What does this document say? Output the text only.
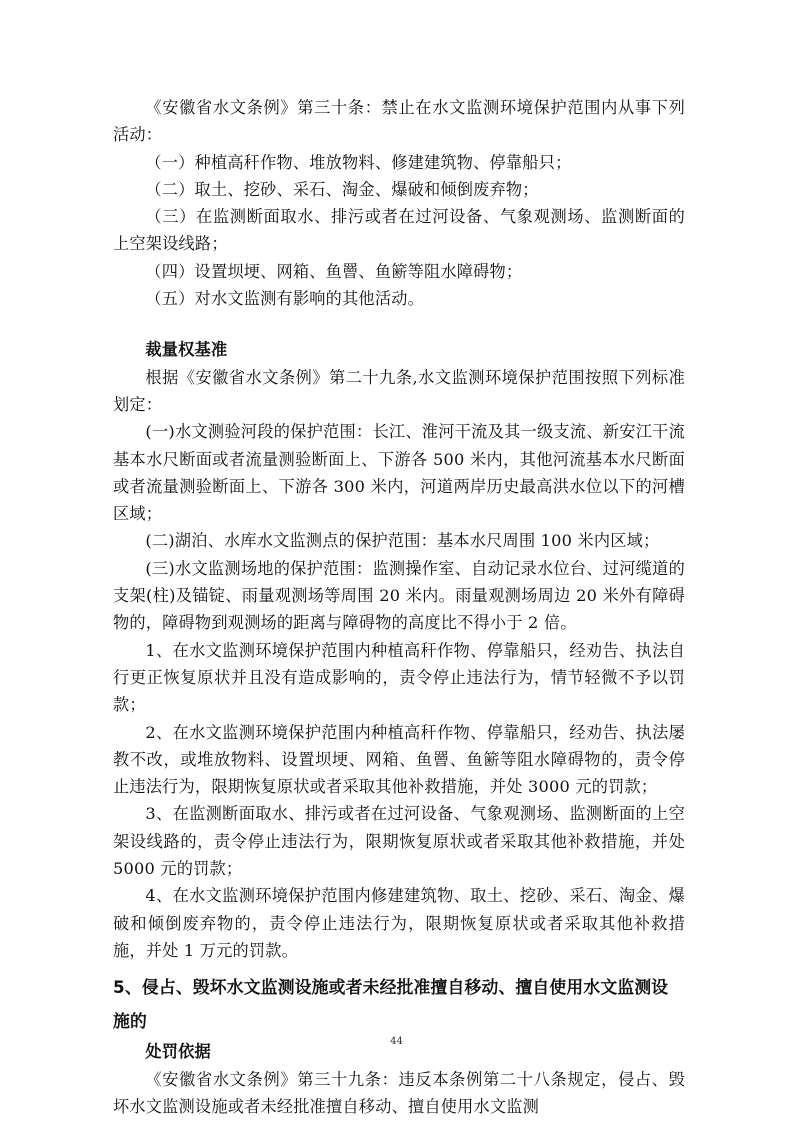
《安徽省水文条例》第三十条：禁止在水文监测环境保护范围内从事下列活动：

（一）种植高秆作物、堆放物料、修建建筑物、停靠船只；

（二）取土、挖砂、采石、淘金、爆破和倾倒废弃物；

（三）在监测断面取水、排污或者在过河设备、气象观测场、监测断面的上空架设线路；

（四）设置坝埂、网箱、鱼罾、鱼簖等阻水障碍物；

（五）对水文监测有影响的其他活动。

裁量权基准

根据《安徽省水文条例》第二十九条,水文监测环境保护范围按照下列标准划定：

(一)水文测验河段的保护范围：长江、淮河干流及其一级支流、新安江干流基本水尺断面或者流量测验断面上、下游各 500 米内，其他河流基本水尺断面或者流量测验断面上、下游各 300 米内，河道两岸历史最高洪水位以下的河槽区域；

(二)湖泊、水库水文监测点的保护范围：基本水尺周围 100 米内区域；

(三)水文监测场地的保护范围：监测操作室、自动记录水位台、过河缆道的支架(柱)及锚锭、雨量观测场等周围 20 米内。雨量观测场周边 20 米外有障碍物的，障碍物到观测场的距离与障碍物的高度比不得小于 2 倍。

1、在水文监测环境保护范围内种植高秆作物、停靠船只，经劝告、执法自行更正恢复原状并且没有造成影响的，责令停止违法行为，情节轻微不予以罚款；

2、在水文监测环境保护范围内种植高秆作物、停靠船只，经劝告、执法屡教不改，或堆放物料、设置坝埂、网箱、鱼罾、鱼簖等阻水障碍物的，责令停止违法行为，限期恢复原状或者采取其他补救措施，并处 3000 元的罚款；

3、在监测断面取水、排污或者在过河设备、气象观测场、监测断面的上空架设线路的，责令停止违法行为，限期恢复原状或者采取其他补救措施，并处 5000 元的罚款；

4、在水文监测环境保护范围内修建建筑物、取土、挖砂、采石、淘金、爆破和倾倒废弃物的，责令停止违法行为，限期恢复原状或者采取其他补救措施，并处 1 万元的罚款。

5、侵占、毁坏水文监测设施或者未经批准擅自移动、擅自使用水文监测设施的

处罚依据

《安徽省水文条例》第三十九条：违反本条例第二十八条规定，侵占、毁坏水文监测设施或者未经批准擅自移动、擅自使用水文监测

44
